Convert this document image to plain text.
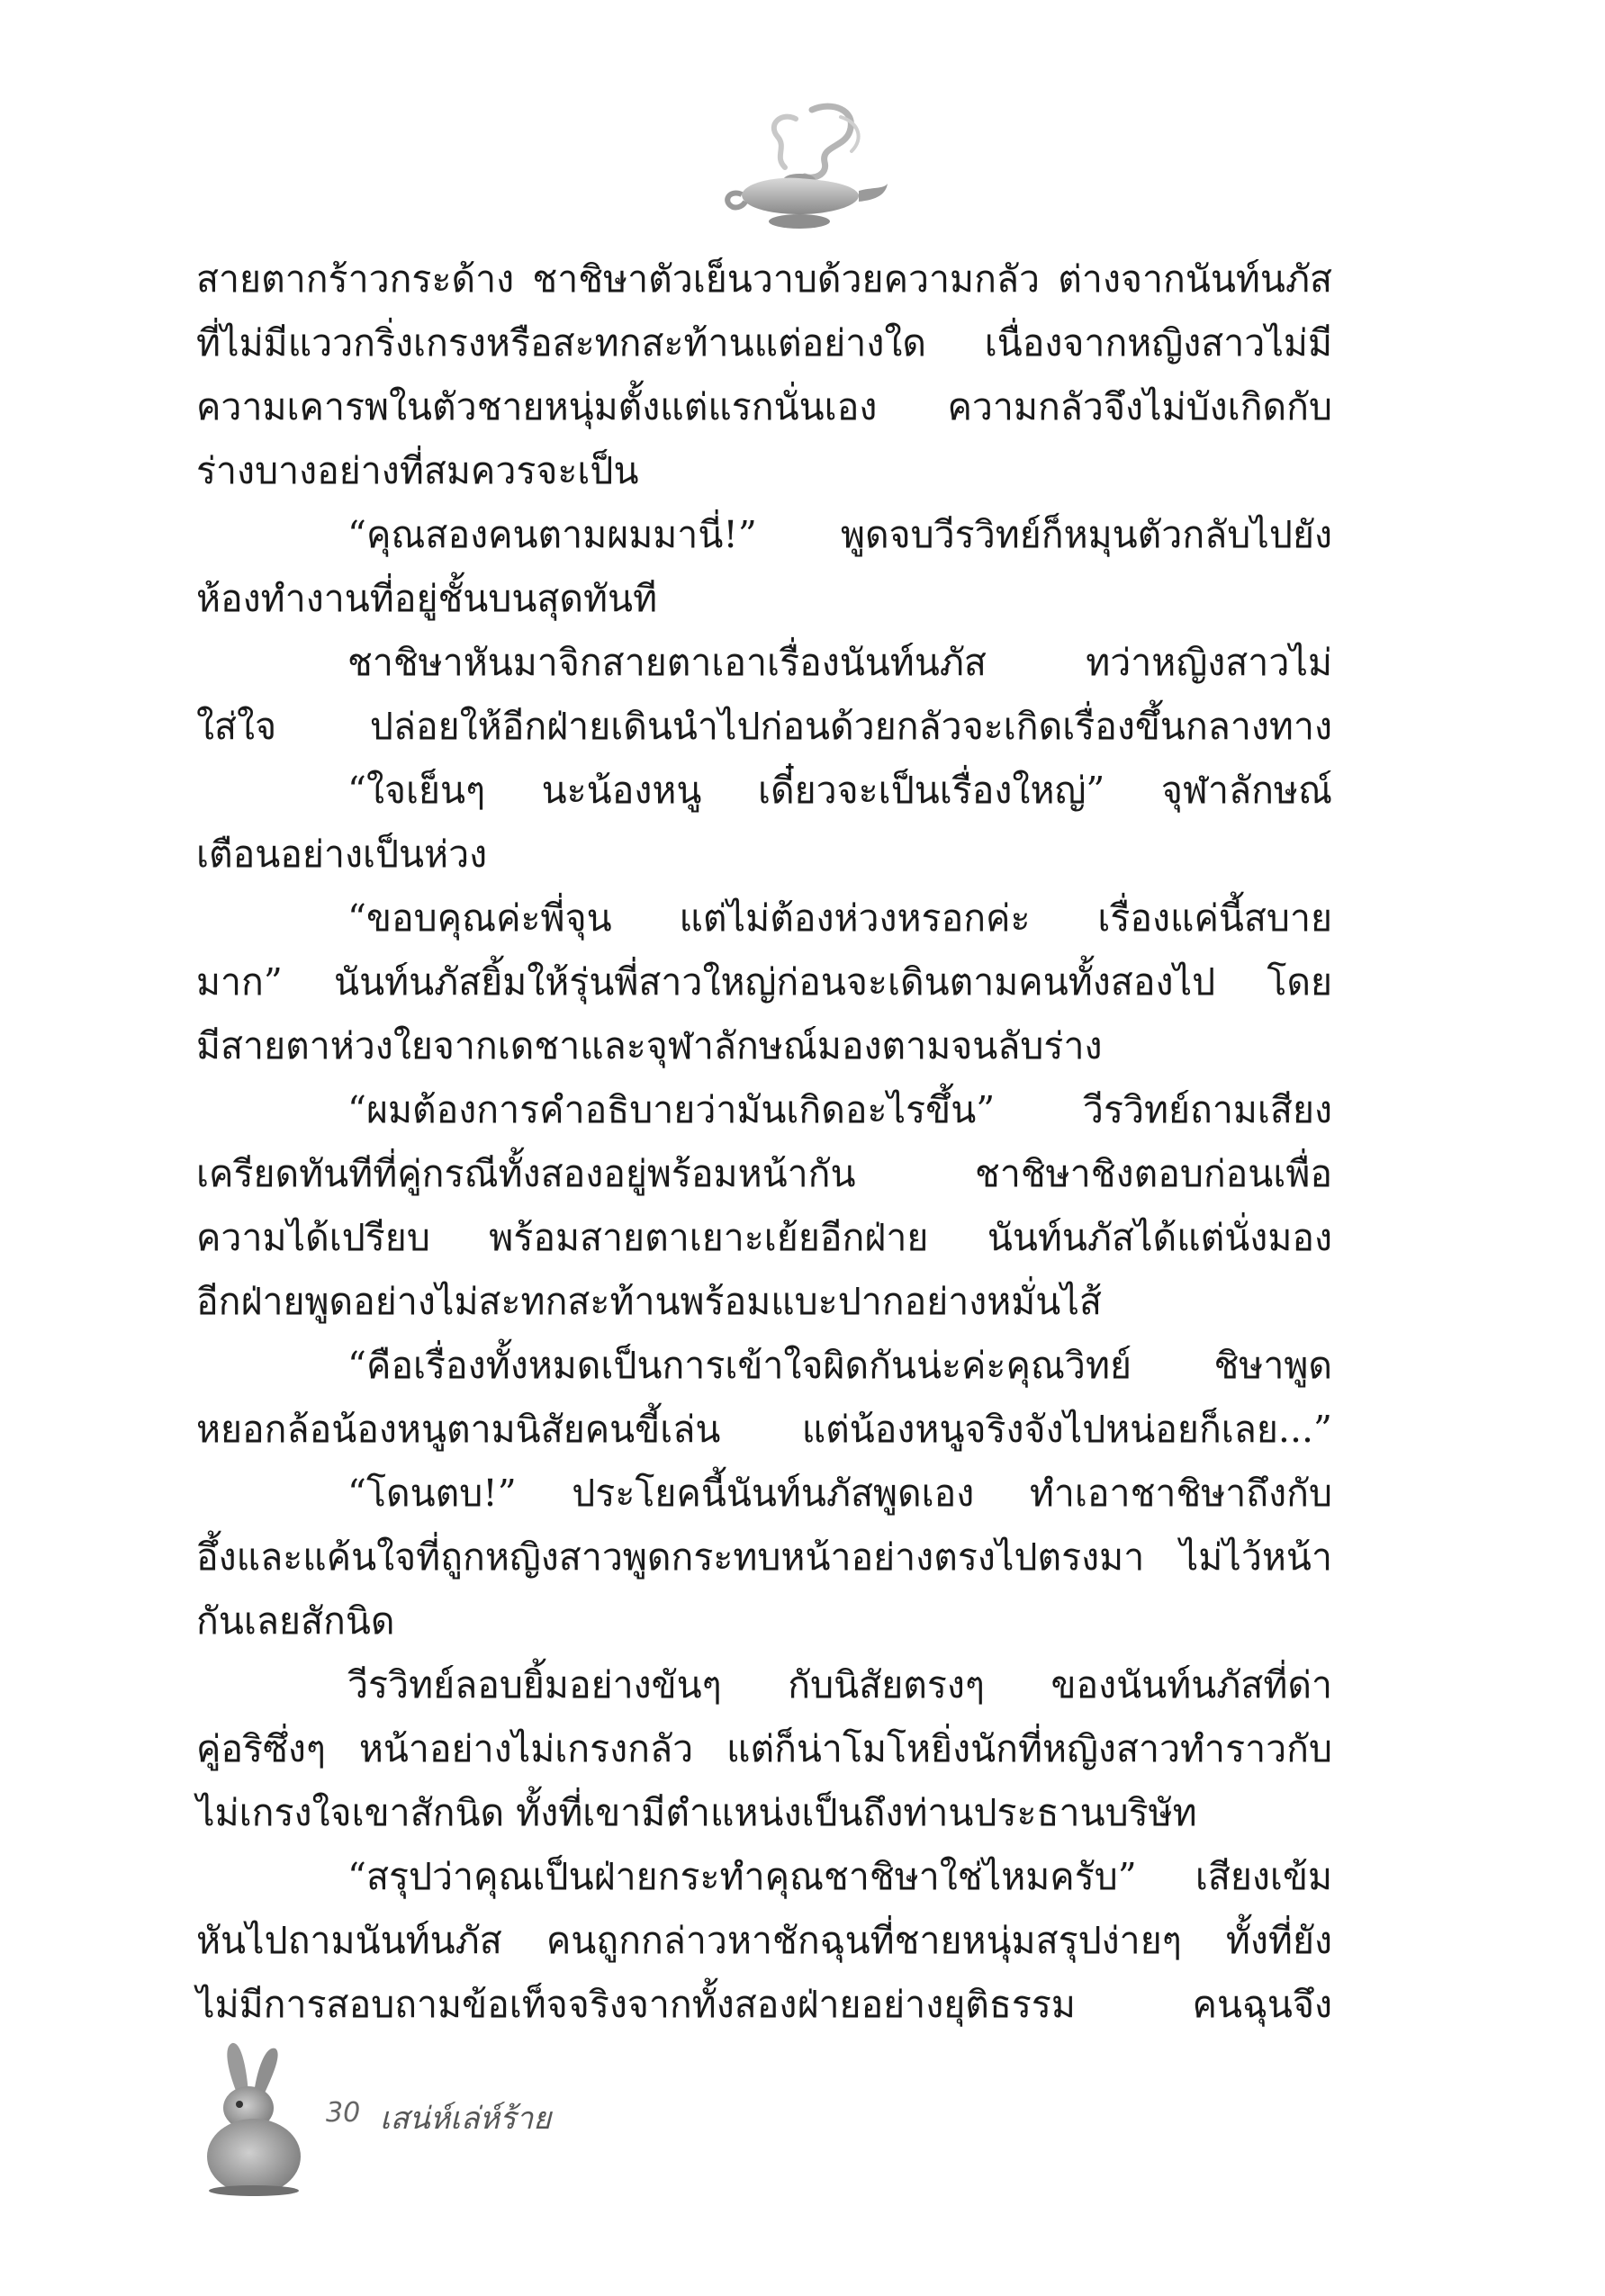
สายตากร้าวกระด้าง ชาชิษาตัวเย็นวาบด้วยความกลัว ต่างจากนันท์นภัส
ที่ไม่มีแววกริ่งเกรงหรือสะทกสะท้านแต่อย่างใด เนื่องจากหญิงสาวไม่มี
ความเคารพในตัวชายหนุ่มตั้งแต่แรกนั่นเอง ความกลัวจึงไม่บังเกิดกับ
ร่างบางอย่างที่สมควรจะเป็น
“คุณสองคนตามผมมานี่!” พูดจบวีรวิทย์ก็หมุนตัวกลับไปยัง
ห้องทำงานที่อยู่ชั้นบนสุดทันที
ชาชิษาหันมาจิกสายตาเอาเรื่องนันท์นภัส ทว่าหญิงสาวไม่
ใส่ใจ ปล่อยให้อีกฝ่ายเดินนำไปก่อนด้วยกลัวจะเกิดเรื่องขึ้นกลางทาง
“ใจเย็นๆ นะน้องหนู เดี๋ยวจะเป็นเรื่องใหญ่” จุฬาลักษณ์
เตือนอย่างเป็นห่วง
“ขอบคุณค่ะพี่จุน แต่ไม่ต้องห่วงหรอกค่ะ เรื่องแค่นี้สบาย
มาก” นันท์นภัสยิ้มให้รุ่นพี่สาวใหญ่ก่อนจะเดินตามคนทั้งสองไป โดย
มีสายตาห่วงใยจากเดชาและจุฬาลักษณ์มองตามจนลับร่าง
“ผมต้องการคำอธิบายว่ามันเกิดอะไรขึ้น” วีรวิทย์ถามเสียง
เครียดทันทีที่คู่กรณีทั้งสองอยู่พร้อมหน้ากัน ชาชิษาชิงตอบก่อนเพื่อ
ความได้เปรียบ พร้อมสายตาเยาะเย้ยอีกฝ่าย นันท์นภัสได้แต่นั่งมอง
อีกฝ่ายพูดอย่างไม่สะทกสะท้านพร้อมแบะปากอย่างหมั่นไส้
“คือเรื่องทั้งหมดเป็นการเข้าใจผิดกันน่ะค่ะคุณวิทย์ ชิษาพูด
หยอกล้อน้องหนูตามนิสัยคนขี้เล่น แต่น้องหนูจริงจังไปหน่อยก็เลย...”
“โดนตบ!” ประโยคนี้นันท์นภัสพูดเอง ทำเอาชาชิษาถึงกับ
อึ้งและแค้นใจที่ถูกหญิงสาวพูดกระทบหน้าอย่างตรงไปตรงมา ไม่ไว้หน้า
กันเลยสักนิด
วีรวิทย์ลอบยิ้มอย่างขันๆ กับนิสัยตรงๆ ของนันท์นภัสที่ด่า
คู่อริซึ่งๆ หน้าอย่างไม่เกรงกลัว แต่ก็น่าโมโหยิ่งนักที่หญิงสาวทำราวกับ
ไม่เกรงใจเขาสักนิด ทั้งที่เขามีตำแหน่งเป็นถึงท่านประธานบริษัท
“สรุปว่าคุณเป็นฝ่ายกระทำคุณชาชิษาใช่ไหมครับ” เสียงเข้ม
หันไปถามนันท์นภัส คนถูกกล่าวหาชักฉุนที่ชายหนุ่มสรุปง่ายๆ ทั้งที่ยัง
ไม่มีการสอบถามข้อเท็จจริงจากทั้งสองฝ่ายอย่างยุติธรรม คนฉุนจึง
30 เสน่ห์เล่ห์ร้าย
